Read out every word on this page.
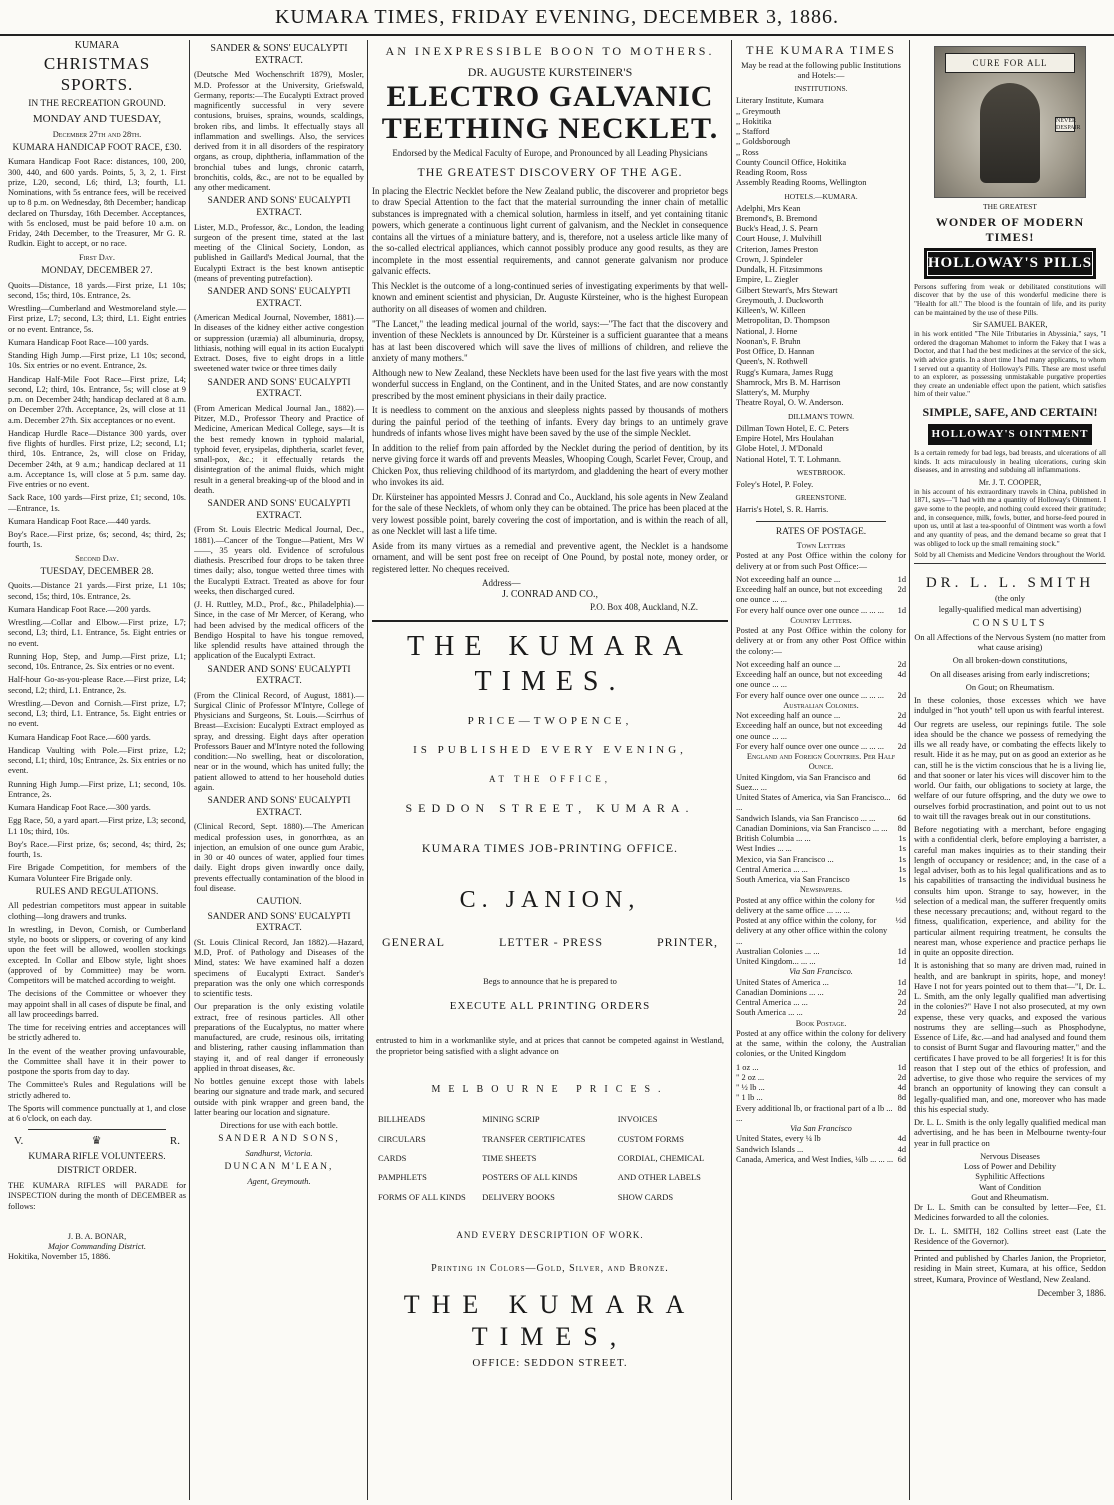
KUMARA TIMES, FRIDAY EVENING, DECEMBER 3, 1886.
KUMARA
CHRISTMAS SPORTS.
IN THE RECREATION GROUND.
MONDAY AND TUESDAY,
December 27th and 28th.
KUMARA HANDICAP FOOT RACE, £30.

Kumara Handicap Foot Race: distances, 100, 200, 300, 440, and 600 yards. Points, 5, 3, 2, 1. First prize, L20, second, L6; third, L3; fourth, L1. Nominations, with 5s entrance fees, will be received up to 8 p.m. on Wednesday, 8th December; handicap declared on Thursday, 16th December. Acceptances, with 5s enclosed, must be paid before 10 a.m. on Friday, 24th December, to the Treasurer, Mr G. R. Rudkin. Eight to accept, or no race.

First Day.
MONDAY, DECEMBER 27.

Quoits—Distance, 18 yards.—First prize, L1 10s; second, 15s; third, 10s. Entrance, 2s.

Wrestling—Cumberland and Westmoreland style.—First prize, L7; second, L3; third, L1. Eight entries or no event. Entrance, 5s.

Kumara Handicap Foot Race—100 yards.

Standing High Jump.—First prize, L1 10s; second, 10s. Six entries or no event. Entrance, 2s.

Handicap Half-Mile Foot Race—First prize, L4; second, L2; third, 10s. Entrance, 5s; will close at 9 p.m. on December 24th; handicap declared at 8 a.m. on December 27th. Acceptance, 2s, will close at 11 a.m. December 27th. Six acceptances or no event.

Handicap Hurdle Race—Distance 300 yards, over five flights of hurdles. First prize, L2; second, L1; third, 10s. Entrance, 2s, will close on Friday, December 24th, at 9 a.m.; handicap declared at 11 a.m. Acceptance 1s, will close at 5 p.m. same day. Five entries or no event.

Sack Race, 100 yards—First prize, £1; second, 10s.—Entrance, 1s.

Kumara Handicap Foot Race.—440 yards.

Boy's Race.—First prize, 6s; second, 4s; third, 2s; fourth, 1s.

Second Day.
TUESDAY, DECEMBER 28.

Quoits.—Distance 21 yards.—First prize, L1 10s; second, 15s; third, 10s. Entrance, 2s.

Kumara Handicap Foot Race.—200 yards.

Wrestling.—Collar and Elbow.—First prize, L7; second, L3; third, L1. Entrance, 5s. Eight entries or no event.

Running Hop, Step, and Jump.—First prize, L1; second, 10s. Entrance, 2s. Six entries or no event.

Half-hour Go-as-you-please Race.—First prize, L4; second, L2; third, L1. Entrance, 2s.

Wrestling.—Devon and Cornish.—First prize, L7; second, L3; third, L1. Entrance, 5s. Eight entries or no event.

Kumara Handicap Foot Race.—600 yards.

Handicap Vaulting with Pole.—First prize, L2; second, L1; third, 10s; Entrance, 2s. Six entries or no event.

Running High Jump.—First prize, L1; second, 10s. Entrance, 2s.

Kumara Handicap Foot Race.—300 yards.

Egg Race, 50, a yard apart.—First prize, L3; second, L1 10s; third, 10s.

Boy's Race.—First prize, 6s; second, 4s; third, 2s; fourth, 1s.

Fire Brigade Competition, for members of the Kumara Volunteer Fire Brigade only.

RULES AND REGULATIONS.

All pedestrian competitors must appear in suitable clothing—long drawers and trunks.

In wrestling, in Devon, Cornish, or Cumberland style, no boots or slippers, or covering of any kind upon the feet will be allowed, woollen stockings excepted. In Collar and Elbow style, light shoes (approved of by Committee) may be worn. Competitors will be matched according to weight.

The decisions of the Committee or whoever they may appoint shall in all cases of dispute be final, and all law proceedings barred.

The time for receiving entries and acceptances will be strictly adhered to.

In the event of the weather proving unfavourable, the Committee shall have it in their power to postpone the sports from day to day.

The Committee's Rules and Regulations will be strictly adhered to.

The Sports will commence punctually at 1, and close at 6 o'clock, on each day.

V.	♛	R.
KUMARA RIFLE VOLUNTEERS.
DISTRICT ORDER.

THE KUMARA RIFLES will PARADE for INSPECTION during the month of DECEMBER as follows:

J. B. A. BONAR,
Major Commanding District.
Hokitika, November 15, 1886.
SANDER & SONS' EUCALYPTI EXTRACT.

(Deutsche Med Wochenschrift 1879), Mosler, M.D. Professor at the University, Griefswald, Germany, reports:—The Eucalypti Extract proved magnificently successful in very severe contusions, bruises, sprains, wounds, scaldings, broken ribs, and limbs. It effectually stays all inflammation and swellings. Also, the services derived from it in all disorders of the respiratory organs, as croup, diphtheria, inflammation of the bronchial tubes and lungs, chronic catarrh, bronchitis, colds, &c., are not to be equalled by any other medicament.

SANDER AND SONS' EUCALYPTI EXTRACT.

Lister, M.D., Professor, &c., London, the leading surgeon of the present time, stated at the last meeting of the Clinical Society, London, as published in Gaillard's Medical Journal, that the Eucalypti Extract is the best known antiseptic (means of preventing putrefaction).

SANDER AND SONS' EUCALYPTI EXTRACT.

(American Medical Journal, November, 1881).—In diseases of the kidney either active congestion or suppression (uræmia) all albuminuria, dropsy, lithiasis, nothing will equal in its action Eucalypti Extract. Doses, five to eight drops in a little sweetened water twice or three times daily

SANDER AND SONS' EUCALYPTI EXTRACT.

(From American Medical Journal Jan., 1882).—Pitzer, M.D., Professor Theory and Practice of Medicine, American Medical College, says—It is the best remedy known in typhoid malarial, typhoid fever, erysipelas, diphtheria, scarlet fever, small-pox, &c.; it effectually retards the disintegration of the animal fluids, which might result in a general breaking-up of the blood and in death.

SANDER AND SONS' EUCALYPTI EXTRACT.

(From St. Louis Electric Medical Journal, Dec., 1881).—Cancer of the Tongue—Patient, Mrs W——, 35 years old. Evidence of scrofulous diathesis. Prescribed four drops to be taken three times daily; also, tongue wetted three times with the Eucalypti Extract. Treated as above for four weeks, then discharged cured.

(J. H. Ruttley, M.D., Prof., &c., Philadelphia).—Since, in the case of Mr Mercer, of Kerang, who had been advised by the medical officers of the Bendigo Hospital to have his tongue removed, like splendid results have attained through the application of the Eucalypti Extract.

SANDER AND SONS' EUCALYPTI EXTRACT.

(From the Clinical Record, of August, 1881).—Surgical Clinic of Professor M'Intyre, College of Physicians and Surgeons, St. Louis.—Scirrhus of Breast—Excision: Eucalypti Extract employed as spray, and dressing. Eight days after operation Professors Bauer and M'Intyre noted the following condition:—No swelling, heat or discoloration, near or in the wound, which has united fully; the patient allowed to attend to her household duties again.

SANDER AND SONS' EUCALYPTI EXTRACT.

(Clinical Record, Sept. 1880).—The American medical profession uses, in gonorrhœa, as an injection, an emulsion of one ounce gum Arabic, in 30 or 40 ounces of water, applied four times daily. Eight drops given inwardly once daily, prevents effectually contamination of the blood in foul disease.

CAUTION.
SANDER AND SONS' EUCALYPTI EXTRACT.

(St. Louis Clinical Record, Jan 1882).—Hazard, M.D, Prof. of Pathology and Diseases of the Mind, states: We have examined half a dozen specimens of Eucalypti Extract. Sander's preparation was the only one which corresponds to scientific tests.

Our preparation is the only existing volatile extract, free of resinous particles. All other preparations of the Eucalyptus, no matter where manufactured, are crude, resinous oils, irritating and blistering, rather causing inflammation than staying it, and of real danger if erroneously applied in throat diseases, &c.

No bottles genuine except those with labels bearing our signature and trade mark, and secured outside with pink wrapper and green band, the latter bearing our location and signature.

Directions for use with each bottle.

SANDER AND SONS,
Sandhurst, Victoria.
DUNCAN M'LEAN,
Agent, Greymouth.
AN INEXPRESSIBLE BOON TO MOTHERS.
DR. AUGUSTE KURSTEINER'S
ELECTRO GALVANIC TEETHING NECKLET.
Endorsed by the Medical Faculty of Europe, and Pronounced by all Leading Physicians
THE GREATEST DISCOVERY OF THE AGE.

In placing the Electric Necklet before the New Zealand public, the discoverer and proprietor begs to draw Special Attention to the fact that the material surrounding the inner chain of metallic substances is impregnated with a chemical solution, harmless in itself, and yet containing titanic powers, which generate a continuous light current of galvanism, and the Necklet in consequence contains all the virtues of a miniature battery, and is, therefore, not a useless article like many of the so-called electrical appliances, which cannot possibly produce any good results, as they are incomplete in the most essential requirements, and cannot generate galvanism nor produce galvanic effects.

This Necklet is the outcome of a long-continued series of investigating experiments by that well-known and eminent scientist and physician, Dr. Auguste Kürsteiner, who is the highest European authority on all diseases of women and children.

"The Lancet," the leading medical journal of the world, says:—"The fact that the discovery and invention of these Necklets is announced by Dr. Kürsteiner is a sufficient guarantee that a means has at last been discovered which will save the lives of millions of children, and relieve the anxiety of many mothers."

Although new to New Zealand, these Necklets have been used for the last five years with the most wonderful success in England, on the Continent, and in the United States, and are now constantly prescribed by the most eminent physicians in their daily practice.

It is needless to comment on the anxious and sleepless nights passed by thousands of mothers during the painful period of the teething of infants. Every day brings to an untimely grave hundreds of infants whose lives might have been saved by the use of the simple Necklet.

In addition to the relief from pain afforded by the Necklet during the period of dentition, by its nerve giving force it wards off and prevents Measles, Whooping Cough, Scarlet Fever, Croup, and Chicken Pox, thus relieving childhood of its martyrdom, and gladdening the heart of every mother who invokes its aid.

Dr. Kürsteiner has appointed Messrs J. Conrad and Co., Auckland, his sole agents in New Zealand for the sale of these Necklets, of whom only they can be obtained. The price has been placed at the very lowest possible point, barely covering the cost of importation, and is within the reach of all, as one Necklet will last a life time.

Aside from its many virtues as a remedial and preventive agent, the Necklet is a handsome ornament, and will be sent post free on receipt of One Pound, by postal note, money order, or registered letter. No cheques received.

Address—
J. CONRAD AND CO.,
P.O. Box 408, Auckland, N.Z.
THE KUMARA TIMES.
PRICE—TWOPENCE,
IS PUBLISHED EVERY EVENING,
AT THE OFFICE,
SEDDON STREET, KUMARA.
KUMARA TIMES JOB-PRINTING OFFICE.
C. JANION,
GENERAL	LETTER - PRESS	PRINTER,
Begs to announce that he is prepared to
EXECUTE ALL PRINTING ORDERS
entrusted to him in a workmanlike style, and at prices that cannot be competed against in Westland, the proprietor being satisfied with a slight advance on
MELBOURNE PRICES.
BILLHEADS	MINING SCRIP	INVOICES
CIRCULARS	TRANSFER CERTIFICATES	CUSTOM FORMS
CARDS	TIME SHEETS	CORDIAL, CHEMICAL
PAMPHLETS	POSTERS OF ALL KINDS	AND OTHER LABELS
FORMS OF ALL KINDS	DELIVERY BOOKS	SHOW CARDS
AND EVERY DESCRIPTION OF WORK.
Printing in Colors—Gold, Silver, and Bronze.
THE KUMARA TIMES,
OFFICE: SEDDON STREET.
THE KUMARA TIMES
May be read at the following public Institutions and Hotels:—
INSTITUTIONS.
Literary Institute, Kumara
,, Greymouth
,, Hokitika
,, Stafford
,, Goldsborough
,, Ross
County Council Office, Hokitika
Reading Room, Ross
Assembly Reading Rooms, Wellington
HOTELS.—KUMARA.
Adelphi, Mrs Kean
Bremond's, B. Bremond
Buck's Head, J. S. Pearn
Court House, J. Mulvihill
Criterion, James Preston
Crown, J. Spindeler
Dundalk, H. Fitzsimmons
Empire, L. Ziegler
Gilbert Stewart's, Mrs Stewart
Greymouth, J. Duckworth
Killeen's, W. Killeen
Metropolitan, D. Thompson
National, J. Horne
Noonan's, F. Bruhn
Post Office, D. Hannan
Queen's, N. Rothwell
Rugg's Kumara, James Rugg
Shamrock, Mrs B. M. Harrison
Slattery's, M. Murphy
Theatre Royal, O. W. Anderson.
DILLMAN'S TOWN.
Dillman Town Hotel, E. C. Peters
Empire Hotel, Mrs Houlahan
Globe Hotel, J. M'Donald
National Hotel, T. T. Lohmann.
WESTBROOK.
Foley's Hotel, P. Foley.
GREENSTONE.
Harris's Hotel, S. R. Harris.
RATES OF POSTAGE.
Town Letters

Posted at any Post Office within the colony for delivery at or from such Post Office:—

Not exceeding half an ounce ...	1d
Exceeding half an ounce, but not exceeding one ounce ... ...
2d
For every half ounce over one ounce ... ... ...	1d
Country Letters.

Posted at any Post Office within the colony for delivery at or from any other Post Office within the colony:—

Not exceeding half an ounce ...	2d
Exceeding half an ounce, but not exceeding one ounce ... ...
4d
For every half ounce over one ounce ... ... ...	2d
Australian Colonies.
Not exceeding half an ounce ...	2d
Exceeding half an ounce, but not exceeding one ounce ... ...
4d
For every half ounce over one ounce ... ... ...	2d
England and Foreign Countries. Per Half Ounce.
United Kingdom, via San Francisco and Suez... ...
6d
United States of America, via San Francisco... ...
6d
Sandwich Islands, via San Francisco ... ...	6d
Canadian Dominions, via San Francisco ... ...	8d
British Columbia ... ...	1s
West Indies ... ...	1s
Mexico, via San Francisco ...	1s
Central America ... ...	1s
South America, via San Francisco	1s
Newspapers.
Posted at any office within the colony for delivery at the same office ... ... ...
½d
Posted at any office within the colony, for delivery at any other office within the colony ...
½d
Australian Colonies ... ...	1d
United Kingdom... ... ...	1d
Via San Francisco.
United States of America ...	1d
Canadian Dominions ... ...	2d
Central America ... ...	2d
South America ... ...	2d
Book Postage.

Posted at any office within the colony for delivery at the same, within the colony, the Australian colonies, or the United Kingdom

1 oz ...	1d
" 2 oz ...	2d
" ½ lb ...	4d
" 1 lb ...	8d
Every additional lb, or fractional part of a lb ... ...
8d
Via San Francisco
United States, every ¼ lb	4d
Sandwich Islands ...	4d
Canada, America, and West Indies, ¼lb ... ... ... 6d
CURE FOR ALL
NEVER DESPAIR
THE GREATEST
WONDER OF MODERN TIMES!
HOLLOWAY'S PILLS

Persons suffering from weak or debilitated constitutions will discover that by the use of this wonderful medicine there is "Health for all." The blood is the fountain of life, and its purity can be maintained by the use of these Pills.

Sir SAMUEL BAKER,

in his work entitled "The Nile Tributaries in Abyssinia," says, "I ordered the dragoman Mahomet to inform the Fakey that I was a Doctor, and that I had the best medicines at the service of the sick, with advice gratis. In a short time I had many applicants, to whom I served out a quantity of Holloway's Pills. These are most useful to an explorer, as possessing unmistakable purgative properties they create an undeniable effect upon the patient, which satisfies him of their value."

SIMPLE, SAFE, AND CERTAIN!
HOLLOWAY'S OINTMENT

Is a certain remedy for bad legs, bad breasts, and ulcerations of all kinds. It acts miraculously in healing ulcerations, curing skin diseases, and in arresting and subduing all inflammations.

Mr. J. T. COOPER,

in his account of his extraordinary travels in China, published in 1871, says—"I had with me a quantity of Holloway's Ointment. I gave some to the people, and nothing could exceed their gratitude; and, in consequence, milk, fowls, butter, and horse-feed poured in upon us, until at last a tea-spoonful of Ointment was worth a fowl and any quantity of peas, and the demand became so great that I was obliged to lock up the small remaining stock."

Sold by all Chemists and Medicine Vendors throughout the World.

DR. L. L. SMITH
(the only
legally-qualified medical man advertising)
CONSULTS

On all Affections of the Nervous System (no matter from what cause arising)

On all broken-down constitutions,

On all diseases arising from early indiscretions;

On Gout; on Rheumatism.

In these colonies, those excesses which we have indulged in "hot youth" tell upon us with fearful interest.

Our regrets are useless, our repinings futile. The sole idea should be the chance we possess of remedying the ills we all ready have, or combating the effects likely to result. Hide it as he may, put on as good an exterior as he can, still he is the victim conscious that he is a living lie, and that sooner or later his vices will discover him to the world. Our faith, our obligations to society at large, the welfare of our future offspring, and the duty we owe to ourselves forbid procrastination, and point out to us not to wait till the ravages break out in our constitutions.

Before negotiating with a merchant, before engaging with a confidential clerk, before employing a barrister, a careful man makes inquiries as to their standing their length of occupancy or residence; and, in the case of a legal adviser, both as to his legal qualifications and as to his capabilities of transacting the individual business he consults him upon. Strange to say, however, in the selection of a medical man, the sufferer frequently omits these necessary precautions; and, without regard to the fitness, qualification, experience, and ability for the particular ailment requiring treatment, he consults the nearest man, whose experience and practice perhaps lie in quite an opposite direction.

It is astonishing that so many are driven mad, ruined in health, and are bankrupt in spirits, hope, and money! Have I not for years pointed out to them that—"I, Dr. L. L. Smith, am the only legally qualified man advertising in the colonies?" Have I not also prosecuted, at my own expense, these very quacks, and exposed the various nostrums they are selling—such as Phosphodyne, Essence of Life, &c.—and had analysed and found them to consist of Burnt Sugar and flavouring matter," and the certificates I have proved to be all forgeries! It is for this reason that I step out of the ethics of profession, and advertise, to give those who require the services of my branch an opportunity of knowing they can consult a legally-qualified man, and one, moreover who has made this his especial study.

Dr. L. L. Smith is the only legally qualified medical man advertising, and he has been in Melbourne twenty-four year in full practice on

Nervous Diseases
Loss of Power and Debility
Syphilitic Affections
Want of Condition
Gout and Rheumatism.

Dr L. L. Smith can be consulted by letter—Fee, £1. Medicines forwarded to all the colonies.

Dr. L. L. SMITH, 182 Collins street east (Late the Residence of the Governor).

Printed and published by Charles Janion, the Proprietor, residing in Main street, Kumara, at his office, Seddon street, Kumara, Province of Westland, New Zealand.

December 3, 1886.
